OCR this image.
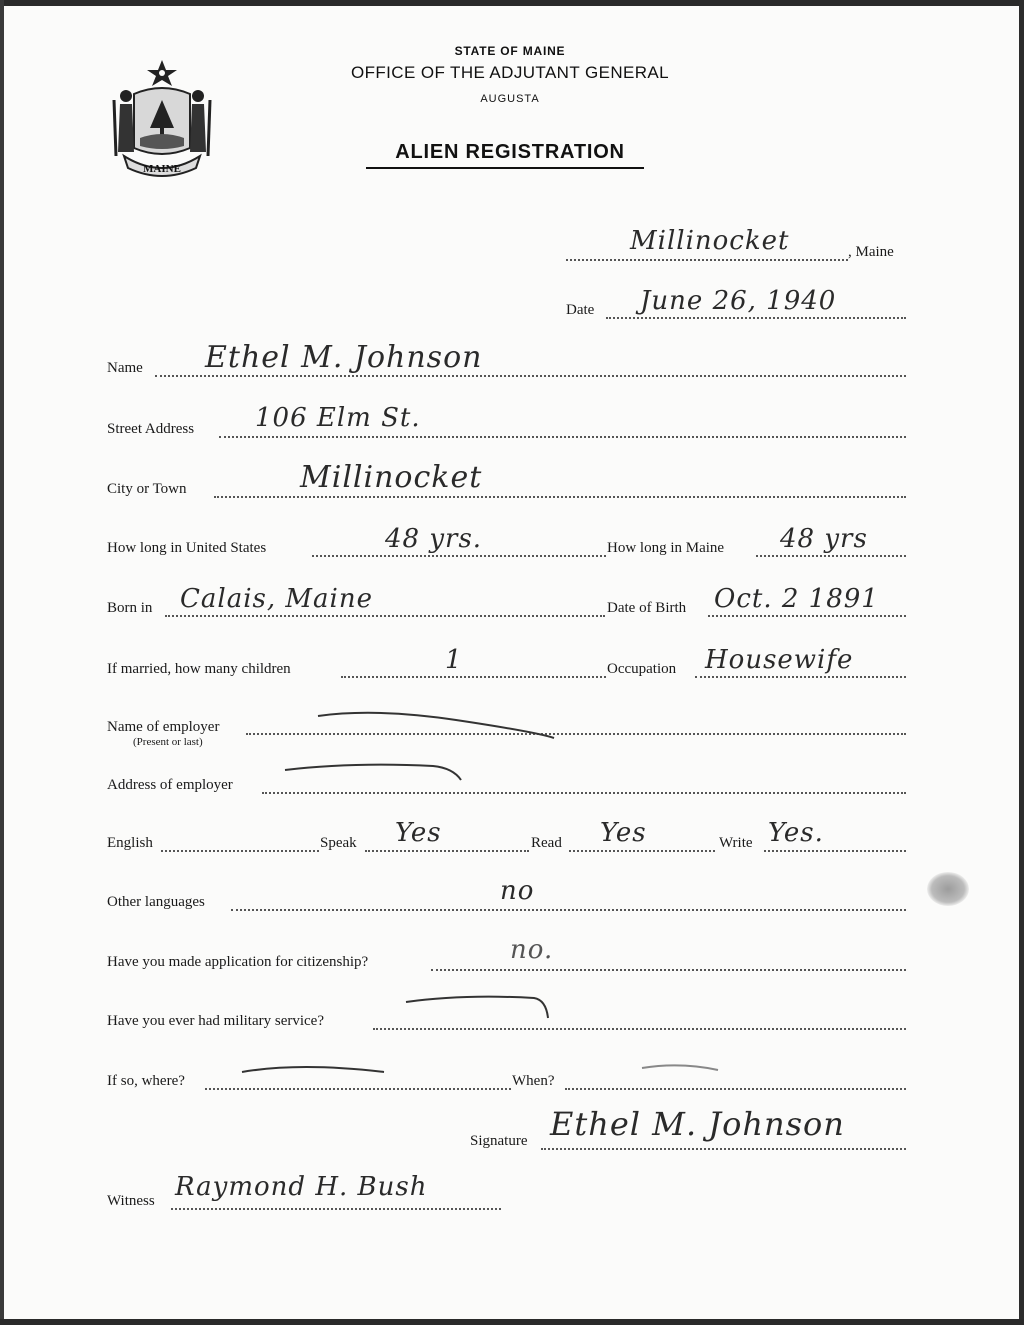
MAINE
STATE OF MAINE
OFFICE OF THE ADJUTANT GENERAL
AUGUSTA
ALIEN REGISTRATION
Millinocket	, Maine
Date June 26, 1940
Name Ethel M. Johnson
Street Address 106 Elm St.
City or Town	Millinocket
How long in United States	48 yrs.	How long in Maine 48 yrs
Born in Calais, Maine	Date of Birth Oct. 2 1891
If married, how many children	1	Occupation Housewife
Name of employer
(Present or last)
Address of employer
English	Speak Yes	Read Yes	Write Yes.
Other languages	no
Have you made application for citizenship?	no.
Have you ever had military service?
If so, where?	When?
Signature Ethel M. Johnson
Witness Raymond H. Bush
